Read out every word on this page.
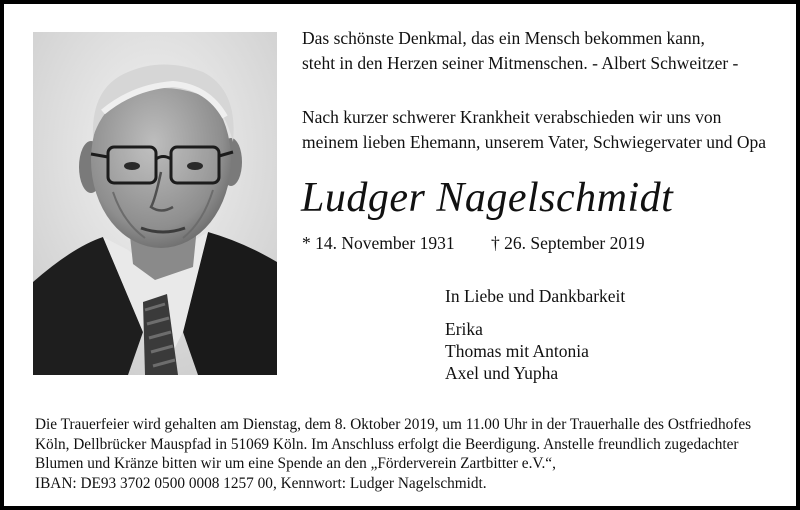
Das schönste Denkmal, das ein Mensch bekommen kann,
steht in den Herzen seiner Mitmenschen. - Albert Schweitzer -

Nach kurzer schwerer Krankheit verabschieden wir uns von
meinem lieben Ehemann, unserem Vater, Schwiegervater und Opa

Ludger Nagelschmidt
* 14. November 1931 † 26. September 2019
In Liebe und Dankbarkeit
Erika
Thomas mit Antonia
Axel und Yupha
Die Trauerfeier wird gehalten am Dienstag, dem 8. Oktober 2019, um 11.00 Uhr in der Trauerhalle des Ostfriedhofes
Köln, Dellbrücker Mauspfad in 51069 Köln. Im Anschluss erfolgt die Beerdigung. Anstelle freundlich zugedachter
Blumen und Kränze bitten wir um eine Spende an den „Förderverein Zartbitter e.V.“,
IBAN: DE93 3702 0500 0008 1257 00, Kennwort: Ludger Nagelschmidt.
